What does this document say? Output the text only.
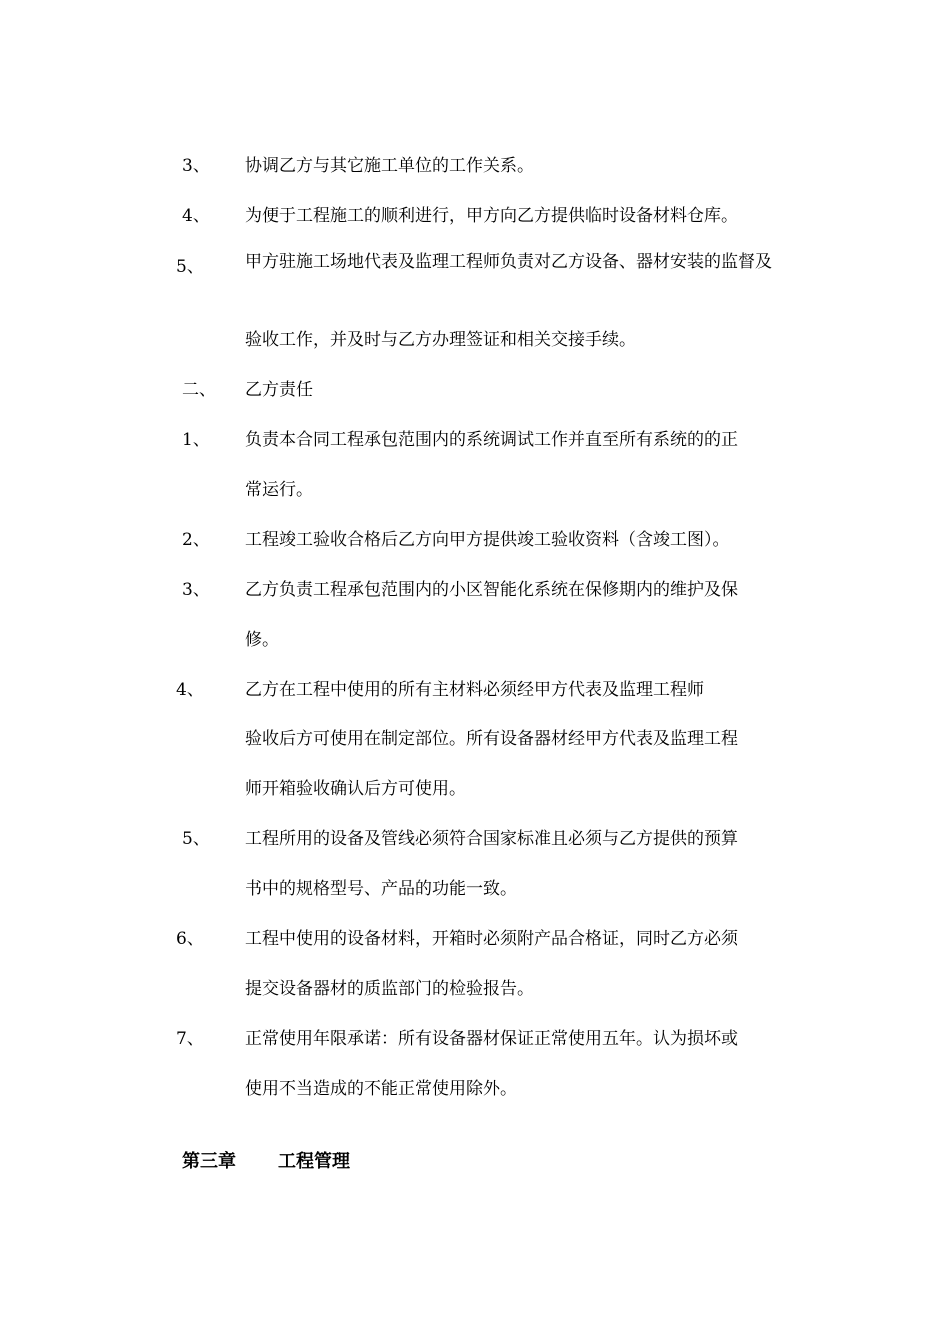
3、 协调乙方与其它施工单位的工作关系。
4、 为便于工程施工的顺利进行，甲方向乙方提供临时设备材料仓库。
5、 甲方驻施工场地代表及监理工程师负责对乙方设备、器材安装的监督及
验收工作，并及时与乙方办理签证和相关交接手续。
二、 乙方责任
1、 负责本合同工程承包范围内的系统调试工作并直至所有系统的的正
常运行。
2、 工程竣工验收合格后乙方向甲方提供竣工验收资料（含竣工图）。
3、 乙方负责工程承包范围内的小区智能化系统在保修期内的维护及保
修。
4、 乙方在工程中使用的所有主材料必须经甲方代表及监理工程师
验收后方可使用在制定部位。所有设备器材经甲方代表及监理工程
师开箱验收确认后方可使用。
5、 工程所用的设备及管线必须符合国家标准且必须与乙方提供的预算
书中的规格型号、产品的功能一致。
6、 工程中使用的设备材料，开箱时必须附产品合格证，同时乙方必须
提交设备器材的质监部门的检验报告。
7、 正常使用年限承诺：所有设备器材保证正常使用五年。认为损坏或
使用不当造成的不能正常使用除外。
第三章 工程管理
